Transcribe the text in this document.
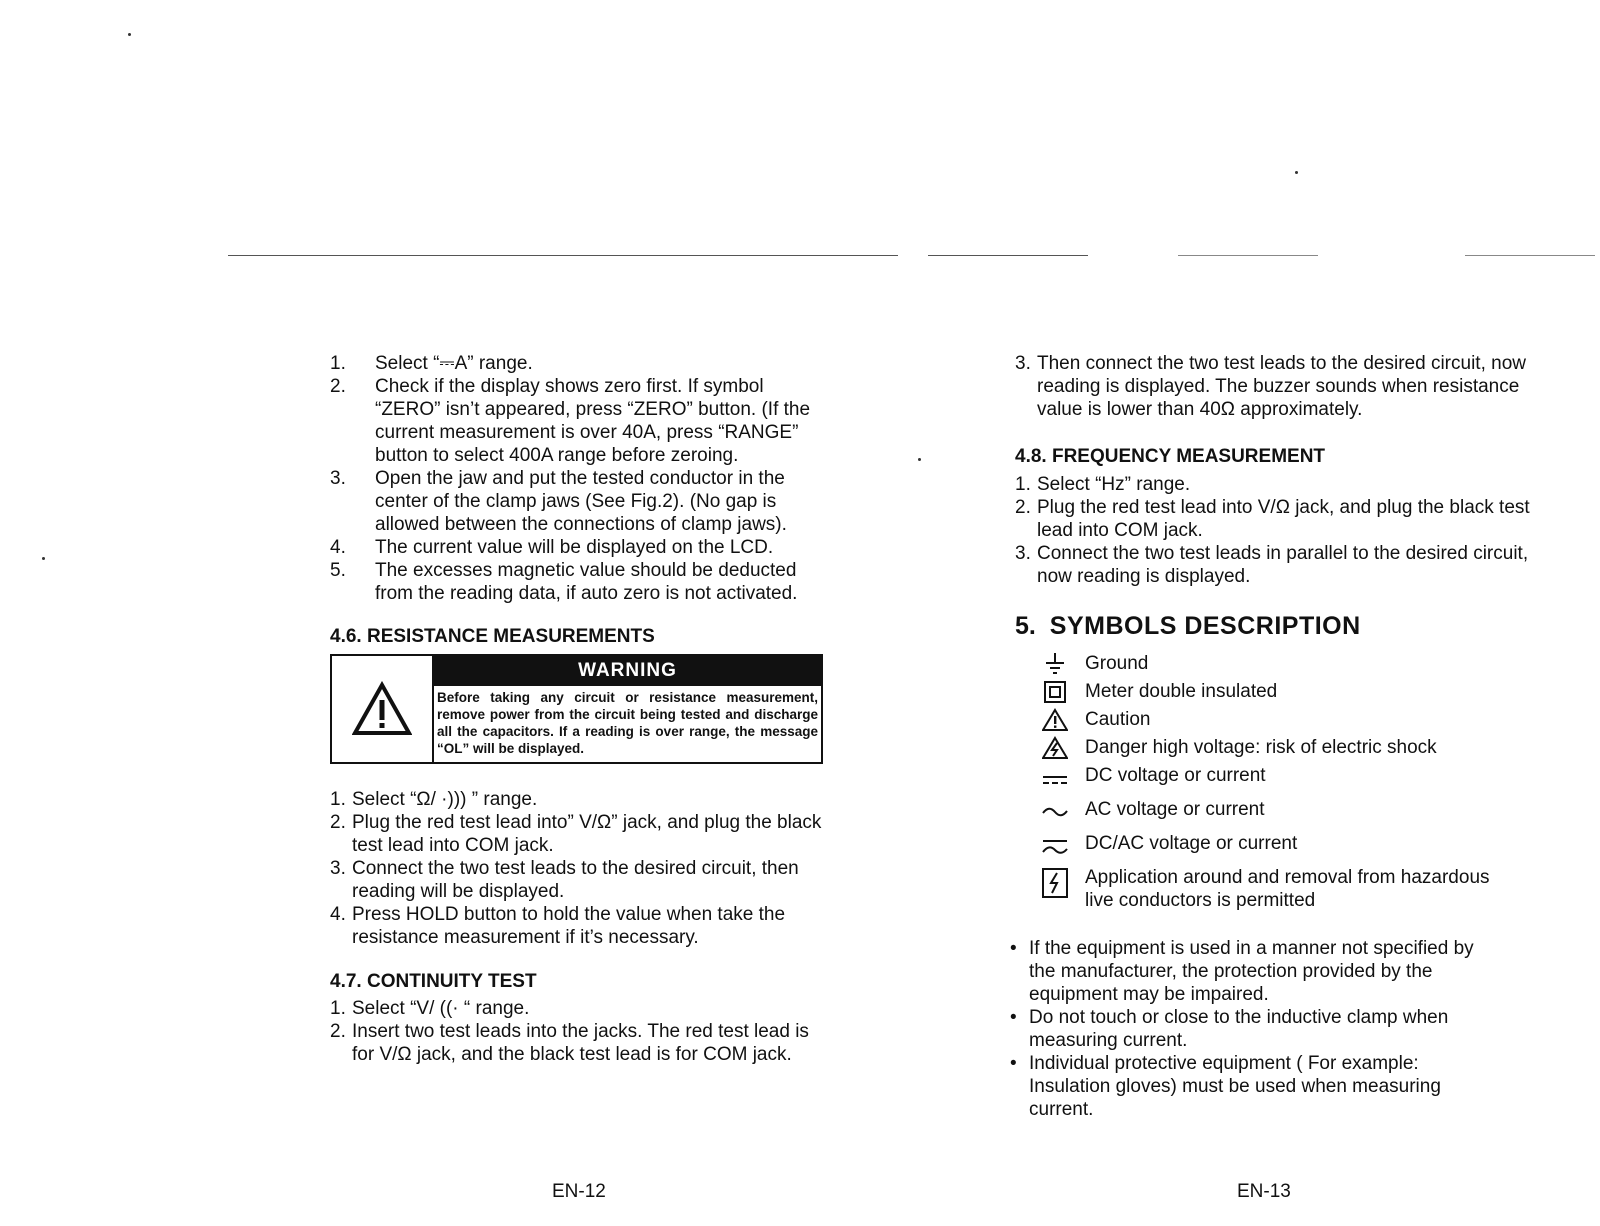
1. Select “⎓A” range.
2. Check if the display shows zero first. If symbol “ZERO” isn’t appeared, press “ZERO” button. (If the current measurement is over 40A, press “RANGE” button to select 400A range before zeroing.
3. Open the jaw and put the tested conductor in the center of the clamp jaws (See Fig.2). (No gap is allowed between the connections of clamp jaws).
4. The current value will be displayed on the LCD.
5. The excesses magnetic value should be deducted from the reading data, if auto zero is not activated.
4.6. RESISTANCE MEASUREMENTS
WARNING
Before taking any circuit or resistance measurement, remove power from the circuit being tested and discharge all the capacitors. If a reading is over range, the message “OL” will be displayed.
1. Select “Ω/ ·))) ” range.
2. Plug the red test lead into” V/Ω” jack, and plug the black test lead into COM jack.
3. Connect the two test leads to the desired circuit, then reading will be displayed.
4. Press HOLD button to hold the value when take the resistance measurement if it’s necessary.
4.7. CONTINUITY TEST
1. Select “V/ ((· “ range.
2. Insert two test leads into the jacks. The red test lead is for V/Ω jack, and the black test lead is for COM jack.
EN-12
3. Then connect the two test leads to the desired circuit, now reading is displayed. The buzzer sounds when resistance value is lower than 40Ω approximately.
4.8. FREQUENCY MEASUREMENT
1. Select “Hz” range.
2. Plug the red test lead into V/Ω jack, and plug the black test lead into COM jack.
3. Connect the two test leads in parallel to the desired circuit, now reading is displayed.
5. SYMBOLS DESCRIPTION
Ground
Meter double insulated
Caution
Danger high voltage: risk of electric shock
DC voltage or current
AC voltage or current
DC/AC voltage or current
Application around and removal from hazardous live conductors is permitted
• If the equipment is used in a manner not specified by the manufacturer, the protection provided by the equipment may be impaired.
• Do not touch or close to the inductive clamp when measuring current.
• Individual protective equipment ( For example: Insulation gloves) must be used when measuring current.
EN-13
